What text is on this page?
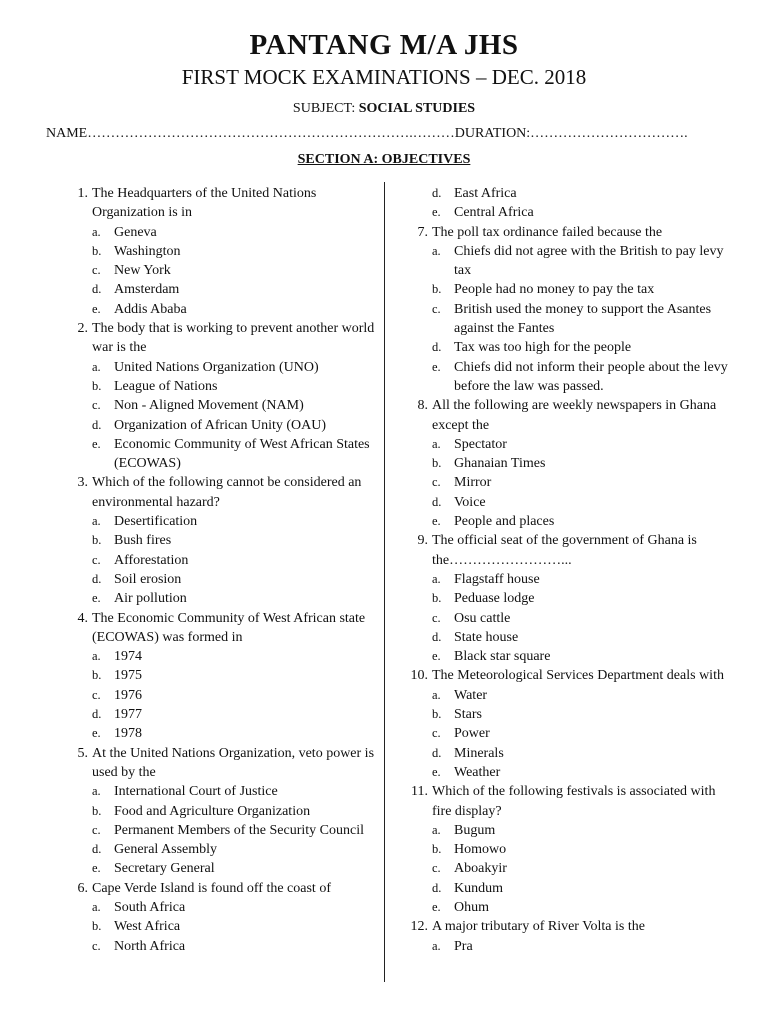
PANTANG M/A JHS
FIRST MOCK EXAMINATIONS – DEC. 2018
SUBJECT: SOCIAL STUDIES
NAME…………………………………………………………….………DURATION:…………………………….
SECTION A: OBJECTIVES
1. The Headquarters of the United Nations Organization is in
a. Geneva
b. Washington
c. New York
d. Amsterdam
e. Addis Ababa
2. The body that is working to prevent another world war is the
a. United Nations Organization (UNO)
b. League of Nations
c. Non - Aligned Movement (NAM)
d. Organization of African Unity (OAU)
e. Economic Community of West African States (ECOWAS)
3. Which of the following cannot be considered an environmental hazard?
a. Desertification
b. Bush fires
c. Afforestation
d. Soil erosion
e. Air pollution
4. The Economic Community of West African state (ECOWAS) was formed in
a. 1974
b. 1975
c. 1976
d. 1977
e. 1978
5. At the United Nations Organization, veto power is used by the
a. International Court of Justice
b. Food and Agriculture Organization
c. Permanent Members of the Security Council
d. General Assembly
e. Secretary General
6. Cape Verde Island is found off the coast of
a. South Africa
b. West Africa
c. North Africa
d. East Africa
e. Central Africa
7. The poll tax ordinance failed because the
a. Chiefs did not agree with the British to pay levy tax
b. People had no money to pay the tax
c. British used the money to support the Asantes against the Fantes
d. Tax was too high for the people
e. Chiefs did not inform their people about the levy before the law was passed.
8. All the following are weekly newspapers in Ghana except the
a. Spectator
b. Ghanaian Times
c. Mirror
d. Voice
e. People and places
9. The official seat of the government of Ghana is the……………………...
a. Flagstaff house
b. Peduase lodge
c. Osu cattle
d. State house
e. Black star square
10. The Meteorological Services Department deals with
a. Water
b. Stars
c. Power
d. Minerals
e. Weather
11. Which of the following festivals is associated with fire display?
a. Bugum
b. Homowo
c. Aboakyir
d. Kundum
e. Ohum
12. A major tributary of River Volta is the
a. Pra
